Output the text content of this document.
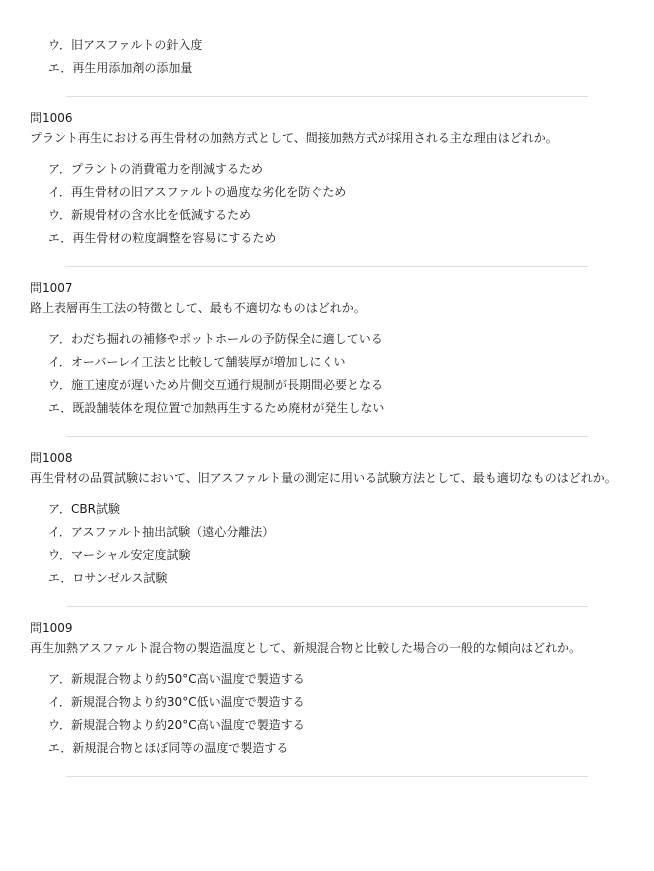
ウ．旧アスファルトの針入度
エ．再生用添加剤の添加量
問1006
プラント再生における再生骨材の加熱方式として、間接加熱方式が採用される主な理由はどれか。
ア．プラントの消費電力を削減するため
イ．再生骨材の旧アスファルトの過度な劣化を防ぐため
ウ．新規骨材の含水比を低減するため
エ．再生骨材の粒度調整を容易にするため
問1007
路上表層再生工法の特徴として、最も不適切なものはどれか。
ア．わだち掘れの補修やポットホールの予防保全に適している
イ．オーバーレイ工法と比較して舗装厚が増加しにくい
ウ．施工速度が遅いため片側交互通行規制が長期間必要となる
エ．既設舗装体を現位置で加熱再生するため廃材が発生しない
問1008
再生骨材の品質試験において、旧アスファルト量の測定に用いる試験方法として、最も適切なものはどれか。
ア．CBR試験
イ．アスファルト抽出試験（遠心分離法）
ウ．マーシャル安定度試験
エ．ロサンゼルス試験
問1009
再生加熱アスファルト混合物の製造温度として、新規混合物と比較した場合の一般的な傾向はどれか。
ア．新規混合物より約50°C高い温度で製造する
イ．新規混合物より約30°C低い温度で製造する
ウ．新規混合物より約20°C高い温度で製造する
エ．新規混合物とほぼ同等の温度で製造する
